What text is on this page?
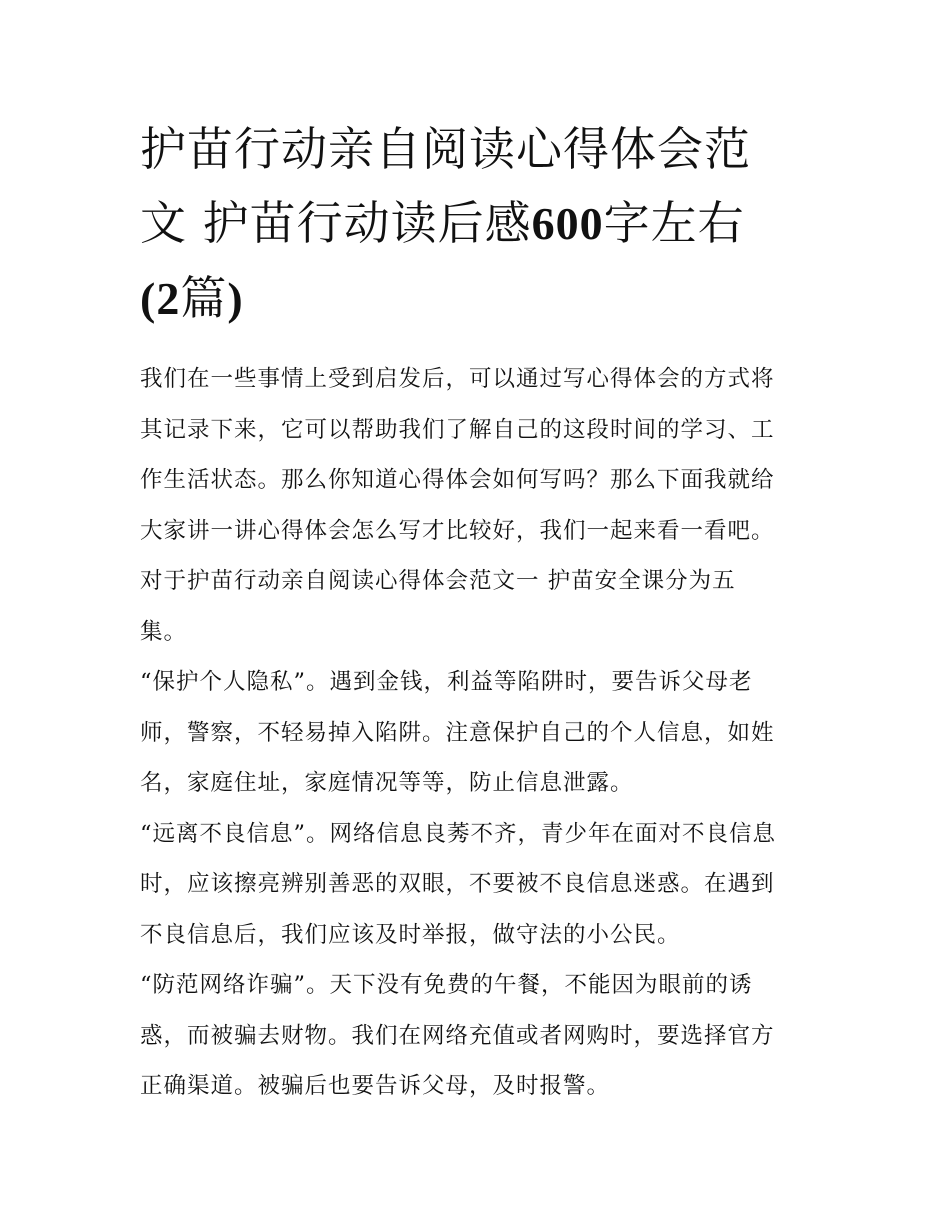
护苗行动亲自阅读心得体会范
文 护苗行动读后感600字左右
(2篇)

我们在一些事情上受到启发后，可以通过写心得体会的方式将
其记录下来，它可以帮助我们了解自己的这段时间的学习、工
作生活状态。那么你知道心得体会如何写吗？那么下面我就给
大家讲一讲心得体会怎么写才比较好，我们一起来看一看吧。

对于护苗行动亲自阅读心得体会范文一 护苗安全课分为五
集。

“保护个人隐私”。遇到金钱，利益等陷阱时，要告诉父母老
师，警察，不轻易掉入陷阱。注意保护自己的个人信息，如姓
名，家庭住址，家庭情况等等，防止信息泄露。

“远离不良信息”。网络信息良莠不齐，青少年在面对不良信息
时，应该擦亮辨别善恶的双眼，不要被不良信息迷惑。在遇到
不良信息后，我们应该及时举报，做守法的小公民。

“防范网络诈骗”。天下没有免费的午餐，不能因为眼前的诱
惑，而被骗去财物。我们在网络充值或者网购时，要选择官方
正确渠道。被骗后也要告诉父母，及时报警。
